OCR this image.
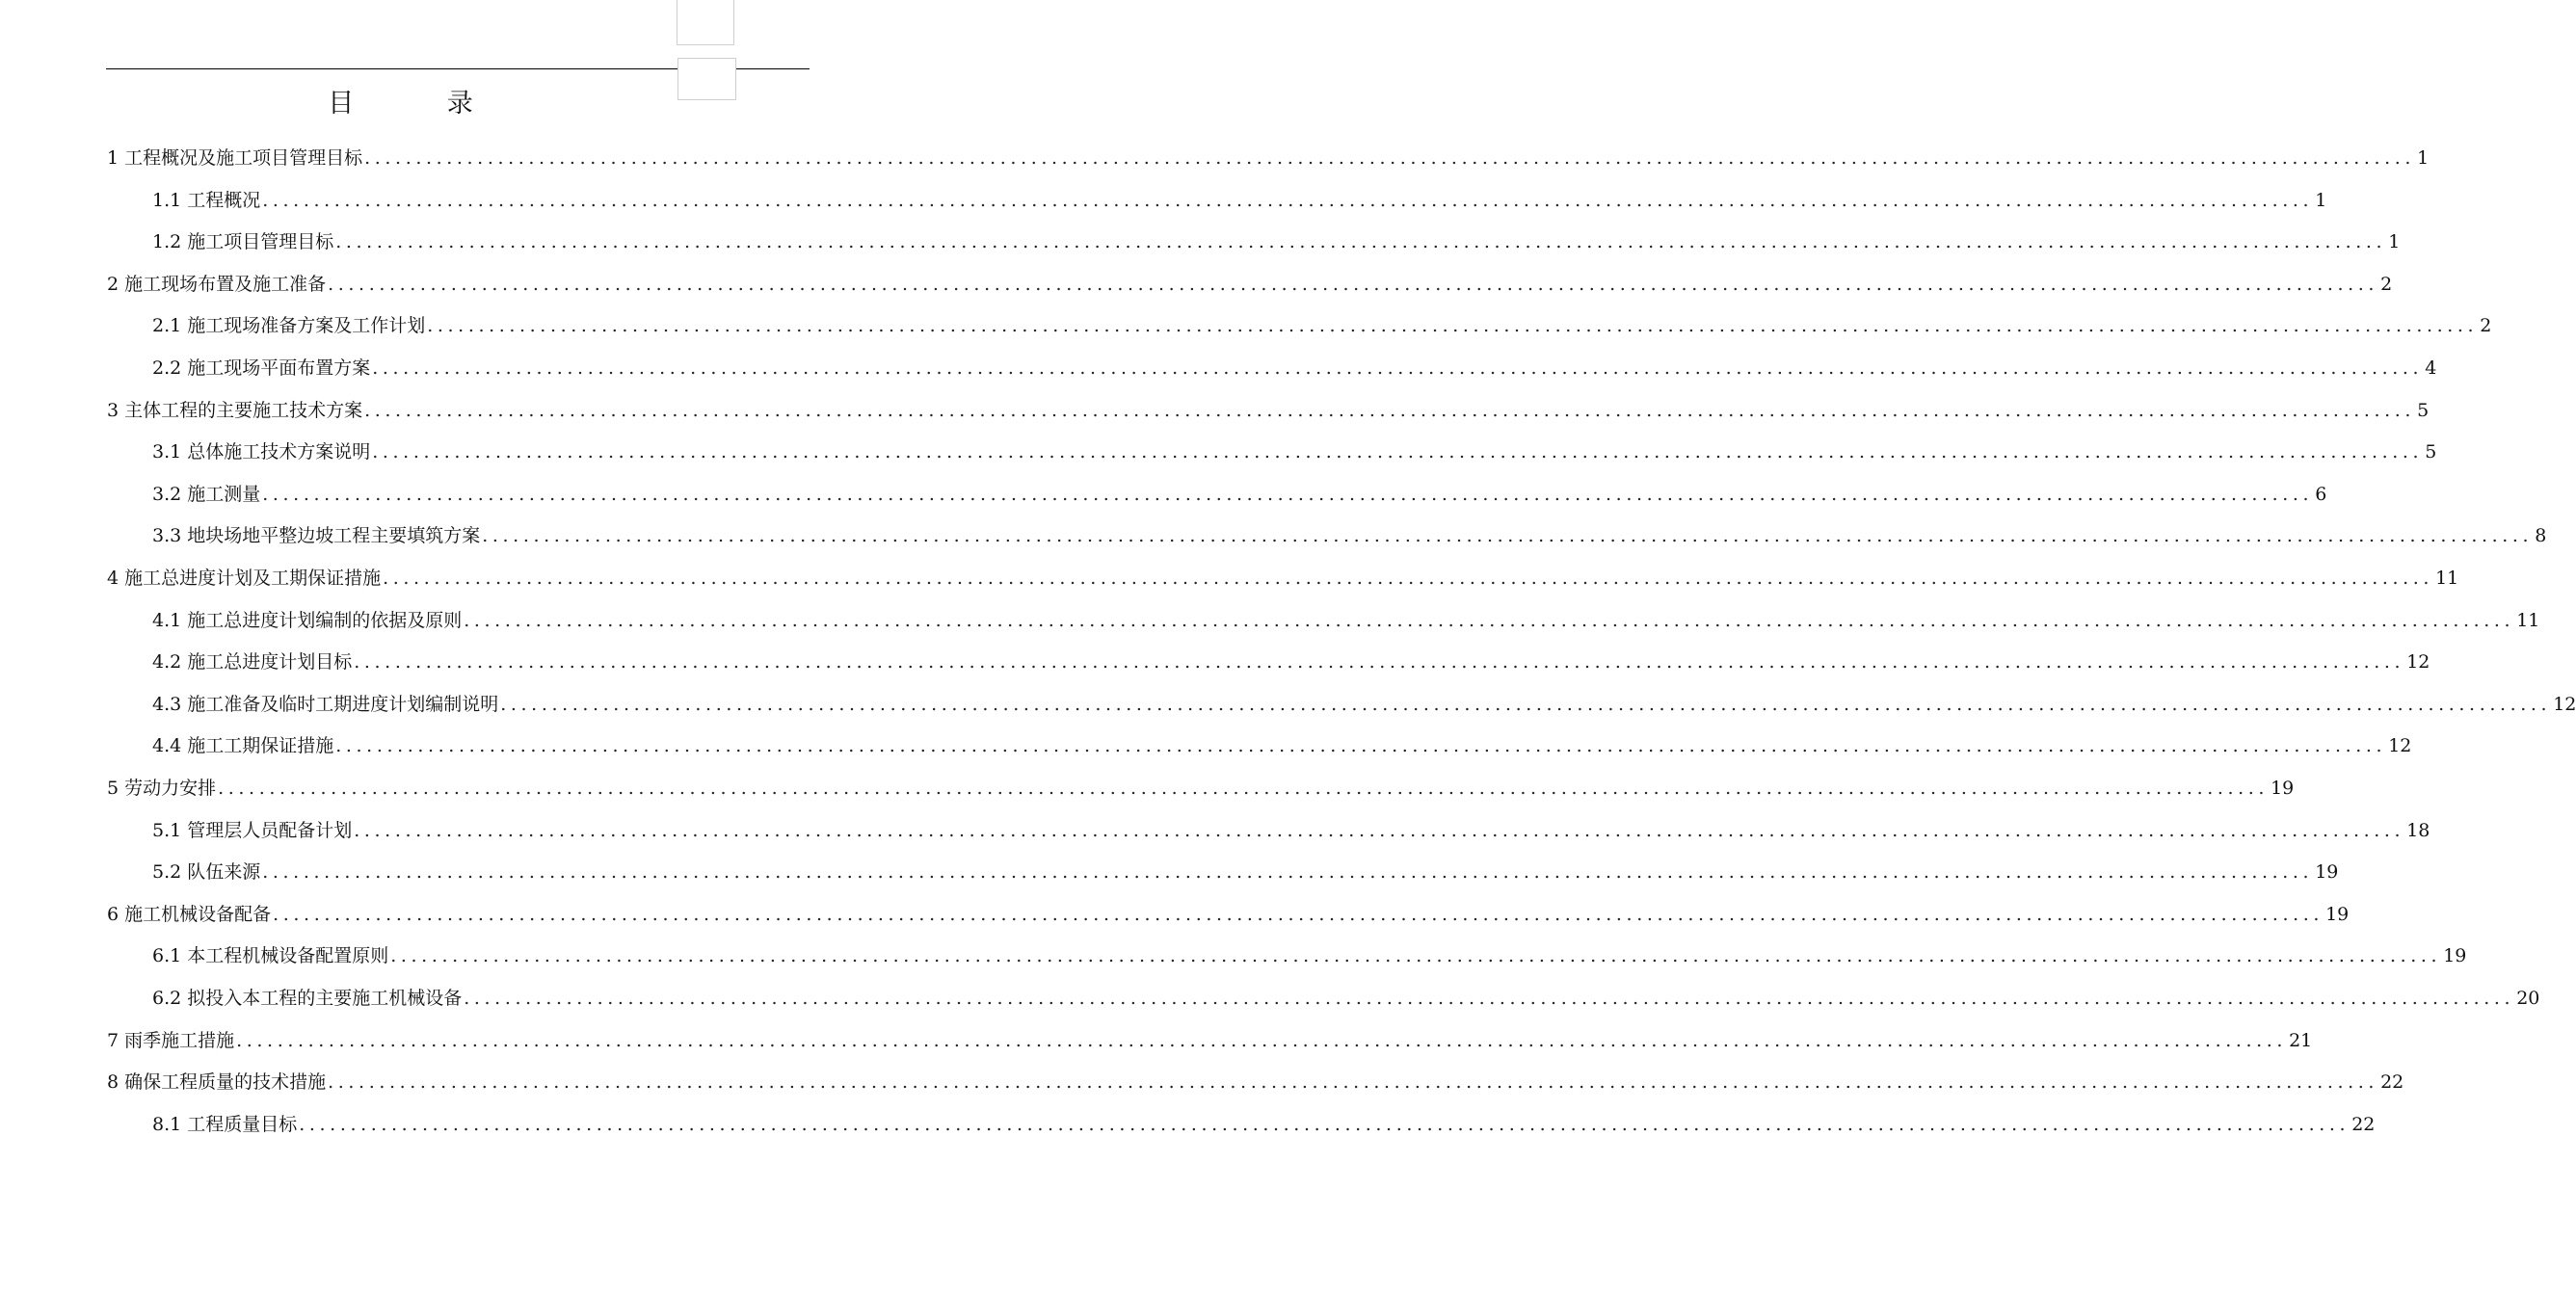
目 录
1 工程概况及施工项目管理目标 ........................................................................................................................................................................................................ 1
1.1 工程概况 ........................................................................................................................................................................................................ 1
1.2 施工项目管理目标 ........................................................................................................................................................................................................ 1
2 施工现场布置及施工准备 ........................................................................................................................................................................................................ 2
2.1 施工现场准备方案及工作计划 ........................................................................................................................................................................................................ 2
2.2 施工现场平面布置方案 ........................................................................................................................................................................................................ 4
3 主体工程的主要施工技术方案 ........................................................................................................................................................................................................ 5
3.1 总体施工技术方案说明 ........................................................................................................................................................................................................ 5
3.2 施工测量 ........................................................................................................................................................................................................ 6
3.3 地块场地平整边坡工程主要填筑方案 ........................................................................................................................................................................................................ 8
4 施工总进度计划及工期保证措施 ........................................................................................................................................................................................................ 11
4.1 施工总进度计划编制的依据及原则 ........................................................................................................................................................................................................ 11
4.2 施工总进度计划目标 ........................................................................................................................................................................................................ 12
4.3 施工准备及临时工期进度计划编制说明 ........................................................................................................................................................................................................ 12
4.4 施工工期保证措施 ........................................................................................................................................................................................................ 12
5 劳动力安排 ........................................................................................................................................................................................................ 19
5.1 管理层人员配备计划 ........................................................................................................................................................................................................ 18
5.2 队伍来源 ........................................................................................................................................................................................................ 19
6 施工机械设备配备 ........................................................................................................................................................................................................ 19
6.1 本工程机械设备配置原则 ........................................................................................................................................................................................................ 19
6.2 拟投入本工程的主要施工机械设备 ........................................................................................................................................................................................................ 20
7 雨季施工措施 ........................................................................................................................................................................................................ 21
8 确保工程质量的技术措施 ........................................................................................................................................................................................................ 22
8.1 工程质量目标 ........................................................................................................................................................................................................ 22
